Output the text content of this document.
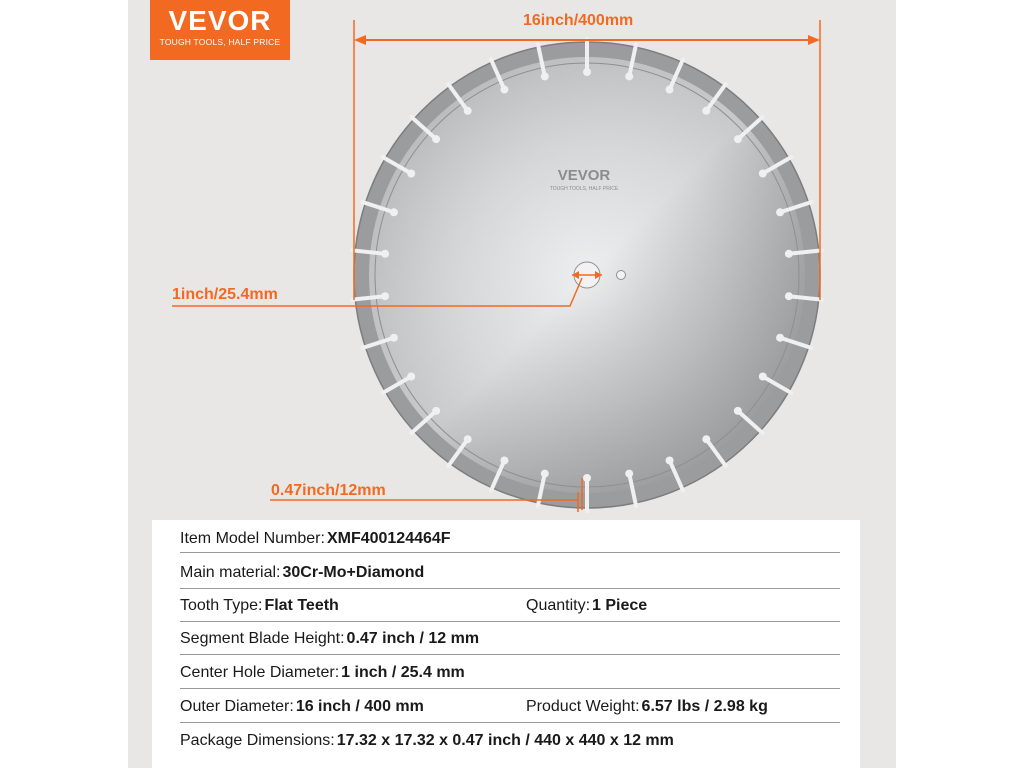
VEVOR
TOUGH TOOLS, HALF PRICE
VEVOR
TOUGH TOOLS, HALF PRICE
16inch/400mm
1inch/25.4mm
0.47inch/12mm
Item Model Number: XMF400124464F
Main material: 30Cr-Mo+Diamond
Tooth Type: Flat Teeth	Quantity: 1 Piece
Segment Blade Height: 0.47 inch / 12 mm
Center Hole Diameter: 1 inch / 25.4 mm
Outer Diameter: 16 inch / 400 mm	Product Weight: 6.57 lbs / 2.98 kg
Package Dimensions: 17.32 x 17.32 x 0.47 inch / 440 x 440 x 12 mm
